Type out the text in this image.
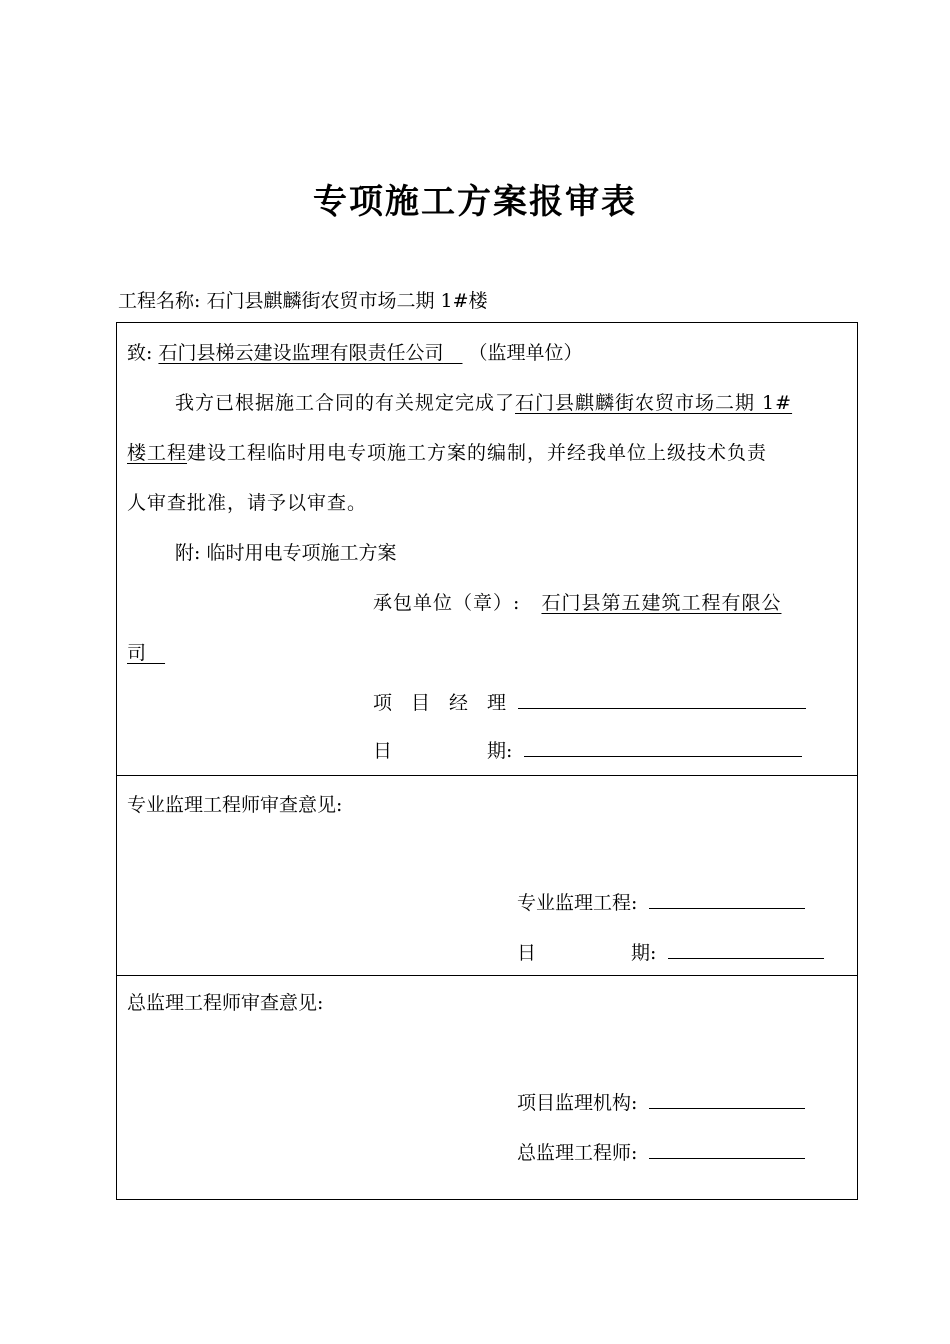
专项施工方案报审表
工程名称: 石门县麒麟街农贸市场二期 1#楼
致: 石门县梯云建设监理有限责任公司　 （监理单位）
我方已根据施工合同的有关规定完成了石门县麒麟街农贸市场二期 1#
楼工程建设工程临时用电专项施工方案的编制，并经我单位上级技术负责
人审查批准，请予以审查。
附: 临时用电专项施工方案
承包单位（章）: 石门县第五建筑工程有限公
司　
项　目　经　理
日　　　　　期:
专业监理工程师审查意见:
专业监理工程:
日　　　　　期:
总监理工程师审查意见:
项目监理机构:
总监理工程师:
